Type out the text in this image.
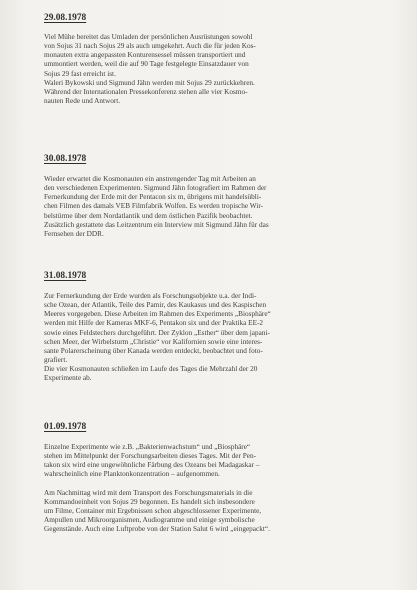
29.08.1978

Viel Mühe bereitet das Umladen der persönlichen Ausrüstungen sowohl
von Sojus 31 nach Sojus 29 als auch umgekehrt. Auch die für jeden Kos-
monauten extra angepassten Konturensessel müssen transportiert und
ummontiert werden, weil die auf 90 Tage festgelegte Einsatzdauer von
Sojus 29 fast erreicht ist.
Waleri Bykowski und Sigmund Jähn werden mit Sojus 29 zurückkehren.
Während der Internationalen Pressekonferenz stehen alle vier Kosmo-
nauten Rede und Antwort.

30.08.1978

Wieder erwartet die Kosmonauten ein anstrengender Tag mit Arbeiten an
den verschiedenen Experimenten. Sigmund Jähn fotografiert im Rahmen der
Fernerkundung der Erde mit der Pentacon six m, übrigens mit handelsübli-
chen Filmen des damals VEB Filmfabrik Wolfen. Es werden tropische Wir-
belstürme über dem Nordatlantik und dem östlichen Pazifik beobachtet.
Zusätzlich gestattete das Leitzentrum ein Interview mit Sigmund Jähn für das
Fernsehen der DDR.

31.08.1978

Zur Fernerkundung der Erde wurden als Forschungsobjekte u.a. der Indi-
sche Ozean, der Atlantik, Teile des Pamir, des Kaukasus und des Kaspischen
Meeres vorgegeben. Diese Arbeiten im Rahmen des Experiments „Biosphäre“
werden mit Hilfe der Kameras MKF-6, Pentakon six und der Praktika EE-2
sowie eines Feldstechers durchgeführt. Der Zyklon „Esther“ über dem japani-
schen Meer, der Wirbelsturm „Christie“ vor Kalifornien sowie eine interes-
sante Polarerscheinung über Kanada werden entdeckt, beobachtet und foto-
grafiert.
Die vier Kosmonauten schließen im Laufe des Tages die Mehrzahl der 20
Experimente ab.

01.09.1978

Einzelne Experimente wie z.B. „Bakterienwachstum“ und „Biosphäre“
stehen im Mittelpunkt der Forschungsarbeiten dieses Tages. Mit der Pen-
takon six wird eine ungewöhnliche Färbung des Ozeans bei Madagaskar –
wahrscheinlich eine Planktonkonzentration – aufgenommen.

Am Nachmittag wird mit dem Transport des Forschungsmaterials in die
Kommandoeinheit von Sojus 29 begonnen. Es handelt sich insbesondere
um Filme, Container mit Ergebnissen schon abgeschlossener Experimente,
Ampullen und Mikroorganismen, Audiogramme und einige symbolische
Gegenstände. Auch eine Luftprobe von der Station Salut 6 wird „eingepackt“.
